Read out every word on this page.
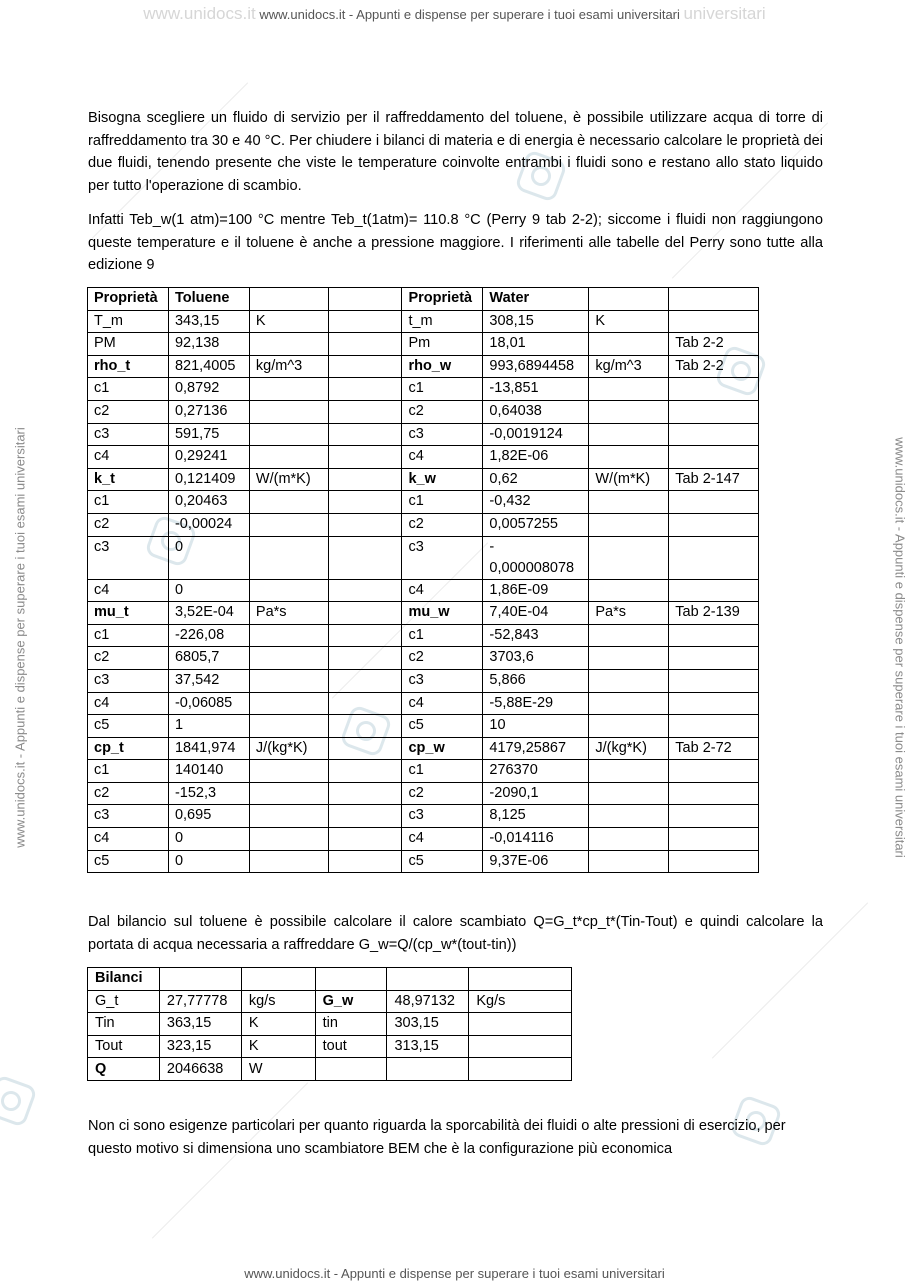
www.unidocs.it www.unidocs.it - Appunti e dispense per superare i tuoi esami universitari universitari
www.unidocs.it - Appunti e dispense per superare i tuoi esami universitari
www.unidocs.it - Appunti e dispense per superare i tuoi esami universitari	www.unidocs.it - Appunti e dispense per superare i tuoi esami universitari

Bisogna scegliere un fluido di servizio per il raffreddamento del toluene, è possibile utilizzare acqua di torre di raffreddamento tra 30 e 40 °C. Per chiudere i bilanci di materia e di energia è necessario calcolare le proprietà dei due fluidi, tenendo presente che viste le temperature coinvolte entrambi i fluidi sono e restano allo stato liquido per tutto l'operazione di scambio.

Infatti Teb_w(1 atm)=100 °C mentre Teb_t(1atm)= 110.8 °C (Perry 9 tab 2-2); siccome i fluidi non raggiungono queste temperature e il toluene è anche a pressione maggiore. I riferimenti alle tabelle del Perry sono tutte alla edizione 9

Proprietà	Toluene			Proprietà	Water		
T_m	343,15	K		t_m	308,15	K	
PM	92,138			Pm	18,01		Tab 2-2
rho_t	821,4005	kg/m^3		rho_w	993,6894458	kg/m^3	Tab 2-2
c1	0,8792			c1	-13,851		
c2	0,27136			c2	0,64038		
c3	591,75			c3	-0,0019124		
c4	0,29241			c4	1,82E-06		
k_t	0,121409	W/(m*K)		k_w	0,62	W/(m*K)	Tab 2-147
c1	0,20463			c1	-0,432		
c2	-0,00024			c2	0,0057255		
c3	0			c3	-
0,000008078		
c4	0			c4	1,86E-09		
mu_t	3,52E-04	Pa*s		mu_w	7,40E-04	Pa*s	Tab 2-139
c1	-226,08			c1	-52,843		
c2	6805,7			c2	3703,6		
c3	37,542			c3	5,866		
c4	-0,06085			c4	-5,88E-29		
c5	1			c5	10		
cp_t	1841,974	J/(kg*K)		cp_w	4179,25867	J/(kg*K)	Tab 2-72
c1	140140			c1	276370		
c2	-152,3			c2	-2090,1		
c3	0,695			c3	8,125		
c4	0			c4	-0,014116		
c5	0			c5	9,37E-06		

Dal bilancio sul toluene è possibile calcolare il calore scambiato Q=G_t*cp_t*(Tin-Tout) e quindi calcolare la portata di acqua necessaria a raffreddare G_w=Q/(cp_w*(tout-tin))

Bilanci					
G_t	27,77778	kg/s	G_w	48,97132	Kg/s
Tin	363,15	K	tin	303,15	
Tout	323,15	K	tout	313,15	
Q	2046638	W			

Non ci sono esigenze particolari per quanto riguarda la sporcabilità dei fluidi o alte pressioni di esercizio, per questo motivo si dimensiona uno scambiatore BEM che è la configurazione più economica
